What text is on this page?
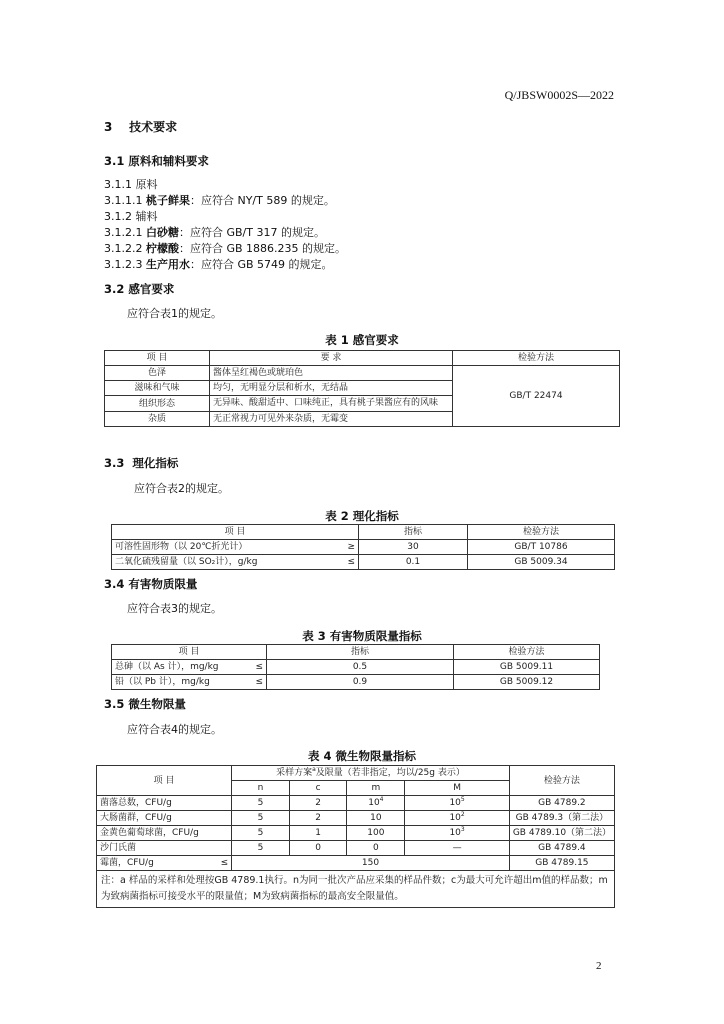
Q/JBSW0002S—2022
3 技术要求
3.1 原料和辅料要求
3.1.1 原料
3.1.1.1 桃子鲜果：应符合 NY/T 589 的规定。
3.1.2 辅料
3.1.2.1 白砂糖：应符合 GB/T 317 的规定。
3.1.2.2 柠檬酸：应符合 GB 1886.235 的规定。
3.1.2.3 生产用水：应符合 GB 5749 的规定。
3.2 感官要求
应符合表1的规定。
表 1 感官要求
项 目	要 求	检验方法
色泽	酱体呈红褐色或琥珀色	GB/T 22474
滋味和气味	均匀，无明显分层和析水，无结晶	
组织形态	无异味、酸甜适中、口味纯正，具有桃子果酱应有的风味	
杂质	无正常视力可见外来杂质，无霉变	
3.3 理化指标
应符合表2的规定。
表 2 理化指标
项 目	指标	检验方法

可溶性固形物（以 20℃折光计） ≥	30	GB/T 10786

二氧化硫残留量（以 SO₂计），g/kg ≤	0.1	GB 5009.34
3.4 有害物质限量
应符合表3的规定。
表 3 有害物质限量指标
项 目	指标	检验方法

总砷（以 As 计），mg/kg ≤	0.5	GB 5009.11

铅（以 Pb 计），mg/kg ≤	0.9	GB 5009.12
3.5 微生物限量
应符合表4的规定。
表 4 微生物限量指标
项 目	采样方案$^a$及限量（若非指定，均以/25g 表示）				检验方法
	n	c	m	M	
菌落总数，CFU/g	5	2	$10^4$	$10^5$	GB 4789.2
大肠菌群，CFU/g	5	2	10	$10^2$	GB 4789.3（第二法）
金黄色葡萄球菌，CFU/g	5	1	100	$10^3$	GB 4789.10（第二法）
沙门氏菌	5	0	0	—	GB 4789.4

霉菌，CFU/g ≤	150				GB 4789.15
注：a 样品的采样和处理按GB 4789.1执行。n为同一批次产品应采集的样品件数；c为最大可允许超出m值的样品数；m为致病菌指标可接受水平的限量值；M为致病菌指标的最高安全限量值。					
2
